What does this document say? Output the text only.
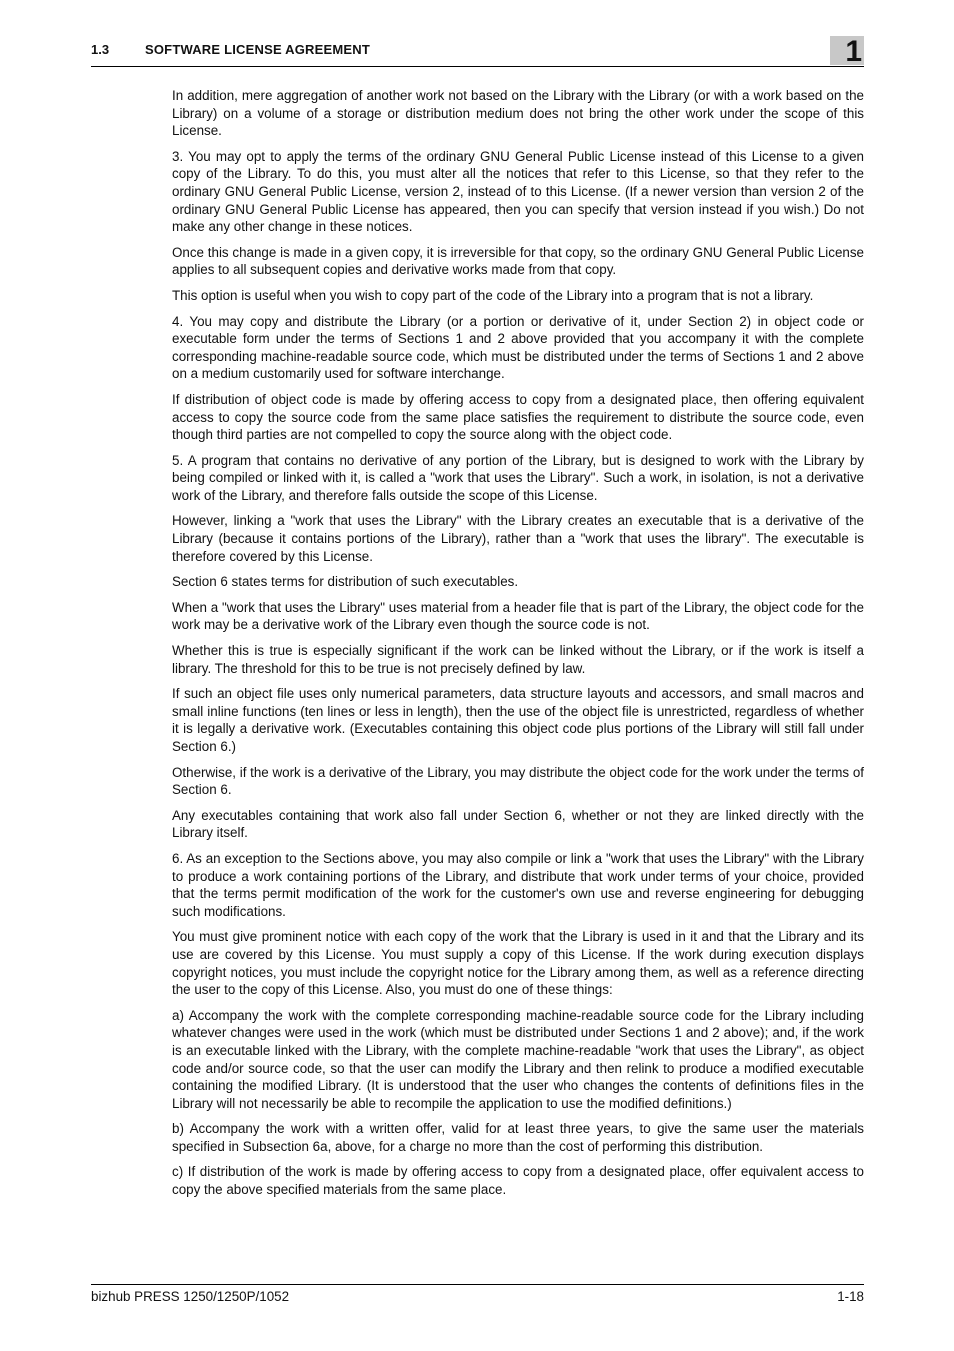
1.3	SOFTWARE LICENSE AGREEMENT	1

In addition, mere aggregation of another work not based on the Library with the Library (or with a work based on the Library) on a volume of a storage or distribution medium does not bring the other work under the scope of this License.

3. You may opt to apply the terms of the ordinary GNU General Public License instead of this License to a given copy of the Library. To do this, you must alter all the notices that refer to this License, so that they refer to the ordinary GNU General Public License, version 2, instead of to this License. (If a newer version than version 2 of the ordinary GNU General Public License has appeared, then you can specify that version instead if you wish.) Do not make any other change in these notices.

Once this change is made in a given copy, it is irreversible for that copy, so the ordinary GNU General Public License applies to all subsequent copies and derivative works made from that copy.

This option is useful when you wish to copy part of the code of the Library into a program that is not a library.

4. You may copy and distribute the Library (or a portion or derivative of it, under Section 2) in object code or executable form under the terms of Sections 1 and 2 above provided that you accompany it with the complete corresponding machine-readable source code, which must be distributed under the terms of Sections 1 and 2 above on a medium customarily used for software interchange.

If distribution of object code is made by offering access to copy from a designated place, then offering equivalent access to copy the source code from the same place satisfies the requirement to distribute the source code, even though third parties are not compelled to copy the source along with the object code.

5. A program that contains no derivative of any portion of the Library, but is designed to work with the Library by being compiled or linked with it, is called a "work that uses the Library". Such a work, in isolation, is not a derivative work of the Library, and therefore falls outside the scope of this License.

However, linking a "work that uses the Library" with the Library creates an executable that is a derivative of the Library (because it contains portions of the Library), rather than a "work that uses the library". The executable is therefore covered by this License.

Section 6 states terms for distribution of such executables.

When a "work that uses the Library" uses material from a header file that is part of the Library, the object code for the work may be a derivative work of the Library even though the source code is not.

Whether this is true is especially significant if the work can be linked without the Library, or if the work is itself a library. The threshold for this to be true is not precisely defined by law.

If such an object file uses only numerical parameters, data structure layouts and accessors, and small macros and small inline functions (ten lines or less in length), then the use of the object file is unrestricted, regardless of whether it is legally a derivative work. (Executables containing this object code plus portions of the Library will still fall under Section 6.)

Otherwise, if the work is a derivative of the Library, you may distribute the object code for the work under the terms of Section 6.

Any executables containing that work also fall under Section 6, whether or not they are linked directly with the Library itself.

6. As an exception to the Sections above, you may also compile or link a "work that uses the Library" with the Library to produce a work containing portions of the Library, and distribute that work under terms of your choice, provided that the terms permit modification of the work for the customer's own use and reverse engineering for debugging such modifications.

You must give prominent notice with each copy of the work that the Library is used in it and that the Library and its use are covered by this License. You must supply a copy of this License. If the work during execution displays copyright notices, you must include the copyright notice for the Library among them, as well as a reference directing the user to the copy of this License. Also, you must do one of these things:

a) Accompany the work with the complete corresponding machine-readable source code for the Library including whatever changes were used in the work (which must be distributed under Sections 1 and 2 above); and, if the work is an executable linked with the Library, with the complete machine-readable "work that uses the Library", as object code and/or source code, so that the user can modify the Library and then relink to produce a modified executable containing the modified Library. (It is understood that the user who changes the contents of definitions files in the Library will not necessarily be able to recompile the application to use the modified definitions.)

b) Accompany the work with a written offer, valid for at least three years, to give the same user the materials specified in Subsection 6a, above, for a charge no more than the cost of performing this distribution.

c) If distribution of the work is made by offering access to copy from a designated place, offer equivalent access to copy the above specified materials from the same place.

bizhub PRESS 1250/1250P/1052	1-18
